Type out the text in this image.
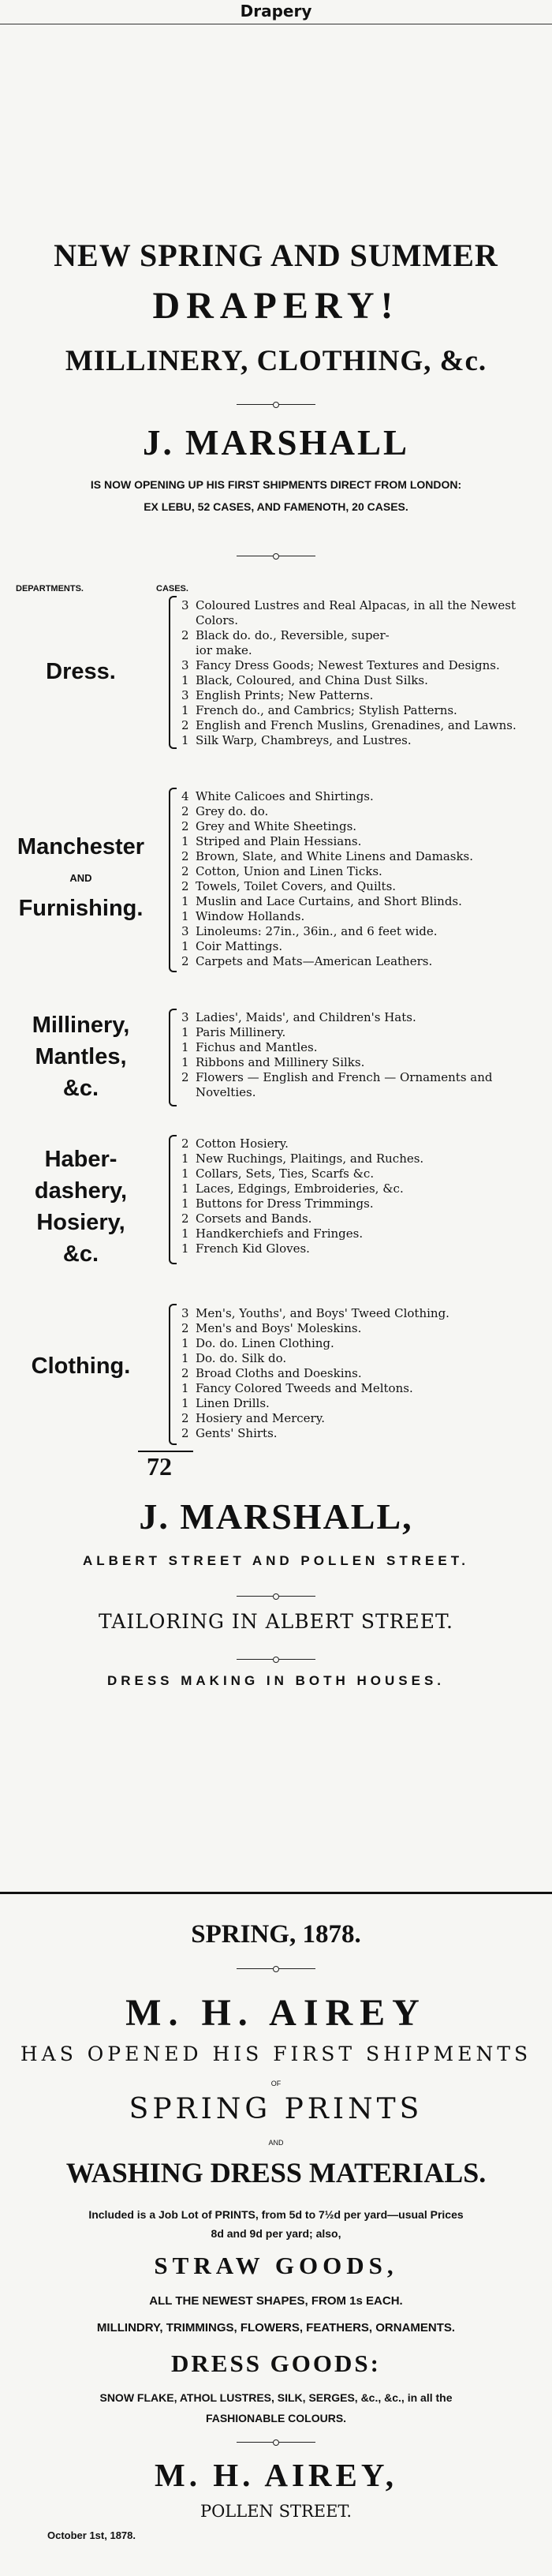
Drapery
NEW SPRING AND SUMMER
DRAPERY!
MILLINERY, CLOTHING, &c.
J. MARSHALL
IS NOW OPENING UP HIS FIRST SHIPMENTS DIRECT FROM LONDON:
EX LEBU, 52 CASES, AND FAMENOTH, 20 CASES.
DEPARTMENTS.	CASES.
Dress.
3 Coloured Lustres and Real Alpacas, in all the Newest
Colors.
2 Black do. do., Reversible, super-
ior make.
3 Fancy Dress Goods; Newest Textures and Designs.
1 Black, Coloured, and China Dust Silks.
3 English Prints; New Patterns.
1 French do., and Cambrics; Stylish Patterns.
2 English and French Muslins, Grenadines, and Lawns.
1 Silk Warp, Chambreys, and Lustres.
Manchester
AND
Furnishing.
4 White Calicoes and Shirtings.
2 Grey do. do.
2 Grey and White Sheetings.
1 Striped and Plain Hessians.
2 Brown, Slate, and White Linens and Damasks.
2 Cotton, Union and Linen Ticks.
2 Towels, Toilet Covers, and Quilts.
1 Muslin and Lace Curtains, and Short Blinds.
1 Window Hollands.
3 Linoleums: 27in., 36in., and 6 feet wide.
1 Coir Mattings.
2 Carpets and Mats—American Leathers.
Millinery,
Mantles,
&c.
3 Ladies', Maids', and Children's Hats.
1 Paris Millinery.
1 Fichus and Mantles.
1 Ribbons and Millinery Silks.
2 Flowers — English and French — Ornaments and
Novelties.
Haber-
dashery,
Hosiery,
&c.
2 Cotton Hosiery.
1 New Ruchings, Plaitings, and Ruches.
1 Collars, Sets, Ties, Scarfs &c.
1 Laces, Edgings, Embroideries, &c.
1 Buttons for Dress Trimmings.
2 Corsets and Bands.
1 Handkerchiefs and Fringes.
1 French Kid Gloves.
Clothing.
3 Men's, Youths', and Boys' Tweed Clothing.
2 Men's and Boys' Moleskins.
1 Do. do. Linen Clothing.
1 Do. do. Silk do.
2 Broad Cloths and Doeskins.
1 Fancy Colored Tweeds and Meltons.
1 Linen Drills.
2 Hosiery and Mercery.
2 Gents' Shirts.
72
J. MARSHALL,
ALBERT STREET AND POLLEN STREET.
TAILORING IN ALBERT STREET.
DRESS MAKING IN BOTH HOUSES.
SPRING, 1878.
M. H. AIREY
HAS OPENED HIS FIRST SHIPMENTS
OF
SPRING PRINTS
AND
WASHING DRESS MATERIALS.
Included is a Job Lot of PRINTS, from 5d to 7½d per yard—usual Prices
8d and 9d per yard; also,
STRAW GOODS,
ALL THE NEWEST SHAPES, FROM 1s EACH.
MILLINDRY, TRIMMINGS, FLOWERS, FEATHERS, ORNAMENTS.
DRESS GOODS:
SNOW FLAKE, ATHOL LUSTRES, SILK, SERGES, &c., &c., in all the
FASHIONABLE COLOURS.
M. H. AIREY,
POLLEN STREET.
October 1st, 1878.
